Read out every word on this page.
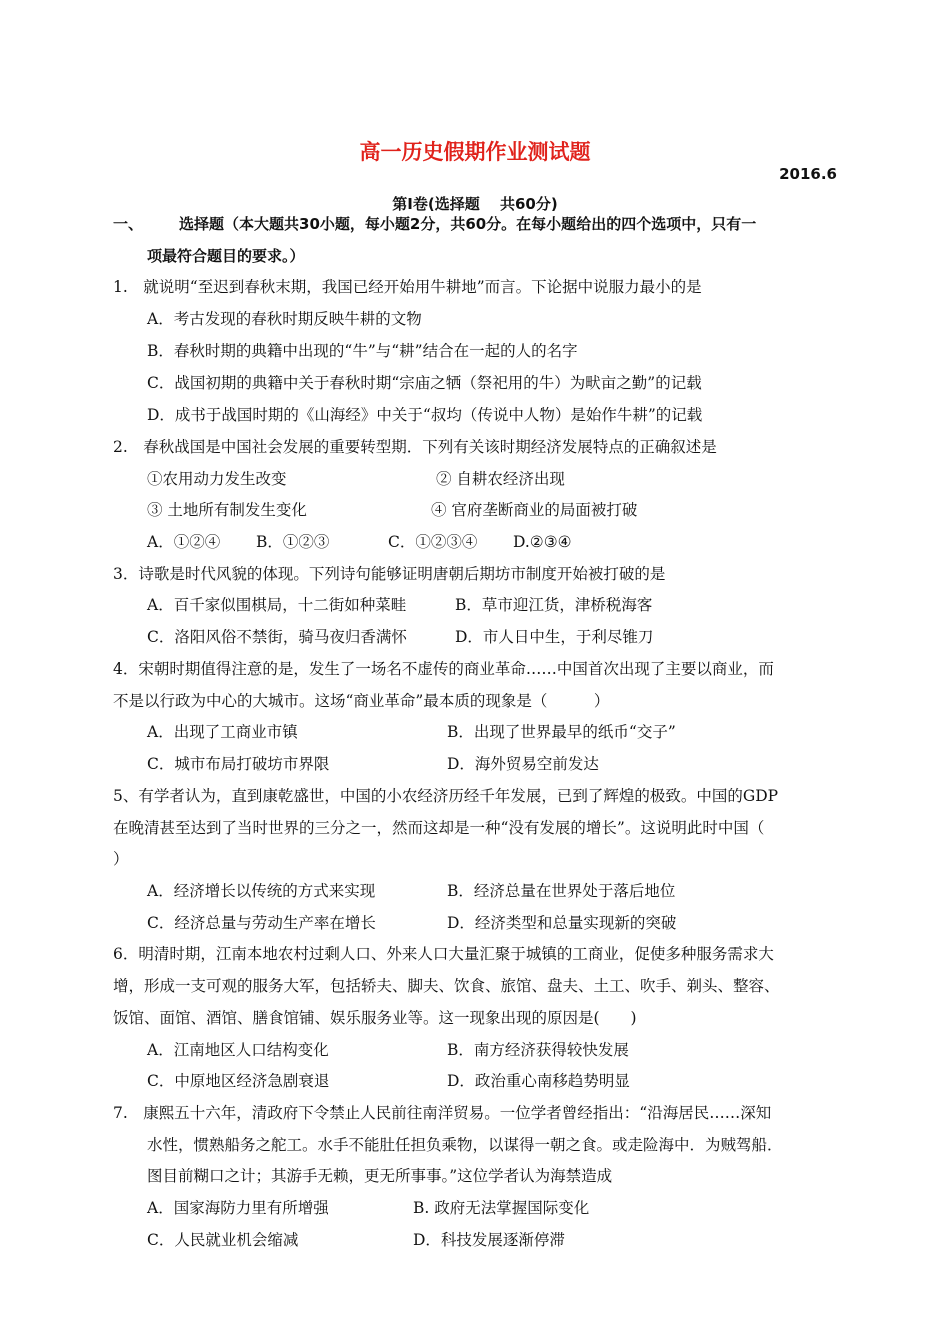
高一历史假期作业测试题
2016.6
第Ⅰ卷(选择题　 共60分)
一、 选择题（本大题共30小题，每小题2分，共60分。在每小题给出的四个选项中，只有一
项最符合题目的要求。）
1.　就说明“至迟到春秋末期，我国已经开始用牛耕地”而言。下论据中说服力最小的是
A．考古发现的春秋时期反映牛耕的文物
B．春秋时期的典籍中出现的“牛”与“耕”结合在一起的人的名字
C．战国初期的典籍中关于春秋时期“宗庙之牺（祭祀用的牛）为畎亩之勤”的记载
D．成书于战国时期的《山海经》中关于“叔均（传说中人物）是始作牛耕”的记载
2.　春秋战国是中国社会发展的重要转型期．下列有关该时期经济发展特点的正确叙述是
①农用动力发生改变	② 自耕农经济出现
③ 土地所有制发生变化	④ 官府垄断商业的局面被打破
A．①②④ B．①②③	C．①②③④ D.②③④
3．诗歌是时代风貌的体现。下列诗句能够证明唐朝后期坊市制度开始被打破的是
A．百千家似围棋局，十二街如种菜畦	B．草市迎江货，津桥税海客
C．洛阳风俗不禁街，骑马夜归香满怀	D．市人日中生，于利尽锥刀
4．宋朝时期值得注意的是，发生了一场名不虚传的商业革命……中国首次出现了主要以商业，而
不是以行政为中心的大城市。这场“商业革命”最本质的现象是（　　　）
A．出现了工商业市镇	B．出现了世界最早的纸币“交子”
C．城市布局打破坊市界限	D．海外贸易空前发达
5、有学者认为，直到康乾盛世，中国的小农经济历经千年发展，已到了辉煌的极致。中国的GDP
在晚清甚至达到了当时世界的三分之一，然而这却是一种“没有发展的增长”。这说明此时中国（
）
A．经济增长以传统的方式来实现	B．经济总量在世界处于落后地位
C．经济总量与劳动生产率在增长	D．经济类型和总量实现新的突破
6．明清时期，江南本地农村过剩人口、外来人口大量汇聚于城镇的工商业，促使多种服务需求大
增，形成一支可观的服务大军，包括轿夫、脚夫、饮食、旅馆、盘夫、土工、吹手、剃头、整容、
饭馆、面馆、酒馆、膳食馆铺、娱乐服务业等。这一现象出现的原因是(　　)
A．江南地区人口结构变化	B．南方经济获得较快发展
C．中原地区经济急剧衰退	D．政治重心南移趋势明显
7.　康熙五十六年，清政府下令禁止人民前往南洋贸易。一位学者曾经指出：“沿海居民……深知
水性，惯熟船务之舵工。水手不能肚任担负乘物，以谋得一朝之食。或走险海中．为贼驾船．
图目前糊口之计；其游手无赖，更无所事事。”这位学者认为海禁造成
A．国家海防力里有所增强	B. 政府无法掌握国际变化
C．人民就业机会缩减	D．科技发展逐渐停滞
